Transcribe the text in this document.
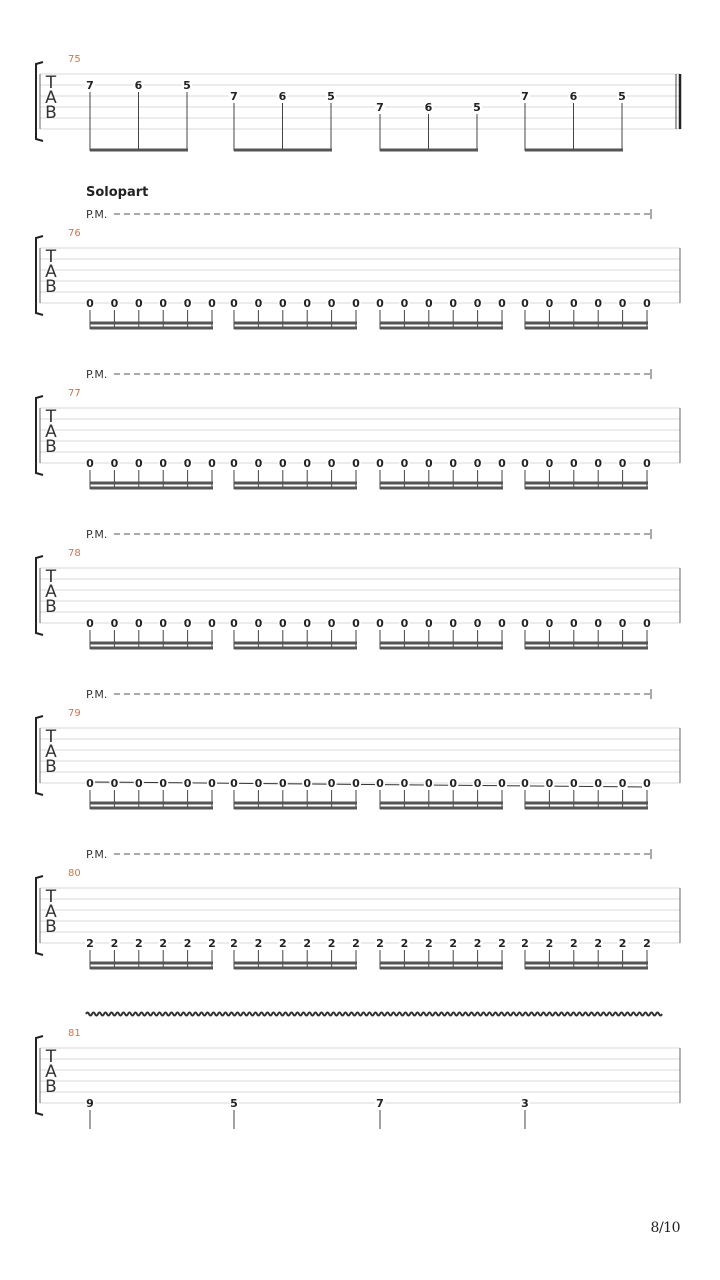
75
T
A
B
7	6	5
7	6	5
7	6	5
7	6	5
Solopart
P.M.
76
T
A
B
0 0 0 0 0 0 0 0 0 0 0 0 0 0 0 0 0 0 0 0 0 0 0 0
P.M.
77
T
A
B
0 0 0 0 0 0 0 0 0 0 0 0 0 0 0 0 0 0 0 0 0 0 0 0
P.M.
78
T
A
B
0 0 0 0 0 0 0 0 0 0 0 0 0 0 0 0 0 0 0 0 0 0 0 0
P.M.
79
T
A
B
0 0 0 0 0 0 0 0 0 0 0 0 0 0 0 0 0 0 0 0 0 0 0 0
P.M.
80
T
A
B
2 2 2 2 2 2 2 2 2 2 2 2 2 2 2 2 2 2 2 2 2 2 2 2
81
T
A
B
9	5	7	3
8/10
